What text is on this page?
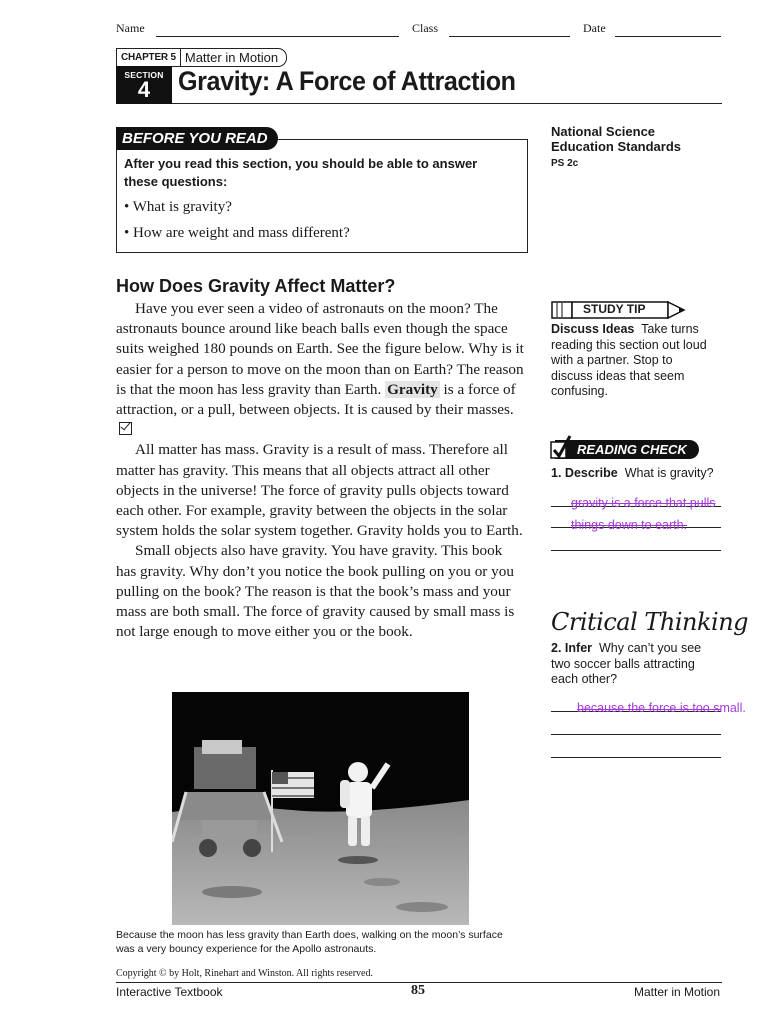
Name	Class	Date
CHAPTER 5 Matter in Motion
SECTION
4	Gravity: A Force of Attraction
BEFORE YOU READ
After you read this section, you should be able to answer these questions:
• What is gravity?
• How are weight and mass different?
National Science
Education Standards
PS 2c
How Does Gravity Affect Matter?

Have you ever seen a video of astronauts on the moon? The astronauts bounce around like beach balls even though the space suits weighed 180 pounds on Earth. See the figure below. Why is it easier for a person to move on the moon than on Earth? The reason is that the moon has less gravity than Earth. Gravity is a force of attraction, or a pull, between objects. It is caused by their masses.

All matter has mass. Gravity is a result of mass. Therefore all matter has gravity. This means that all objects attract all other objects in the universe! The force of gravity pulls objects toward each other. For example, gravity between the objects in the solar system holds the solar system together. Gravity holds you to Earth.

Small objects also have gravity. You have gravity. This book has gravity. Why don’t you notice the book pulling on you or you pulling on the book? The reason is that the book’s mass and your mass are both small. The force of gravity caused by small mass is not large enough to move either you or the book.

Because the moon has less gravity than Earth does, walking on the moon’s surface was a very bouncy experience for the Apollo astronauts.
STUDY TIP
Discuss Ideas Take turns reading this section out loud with a partner. Stop to discuss ideas that seem confusing.
READING CHECK
1. Describe What is gravity?
gravity is a force that pulls
things down to earth.
Critical Thinking
2. Infer Why can’t you see two soccer balls attracting each other?
because the force is too small.
Copyright © by Holt, Rinehart and Winston. All rights reserved.
Interactive Textbook	85	Matter in Motion
